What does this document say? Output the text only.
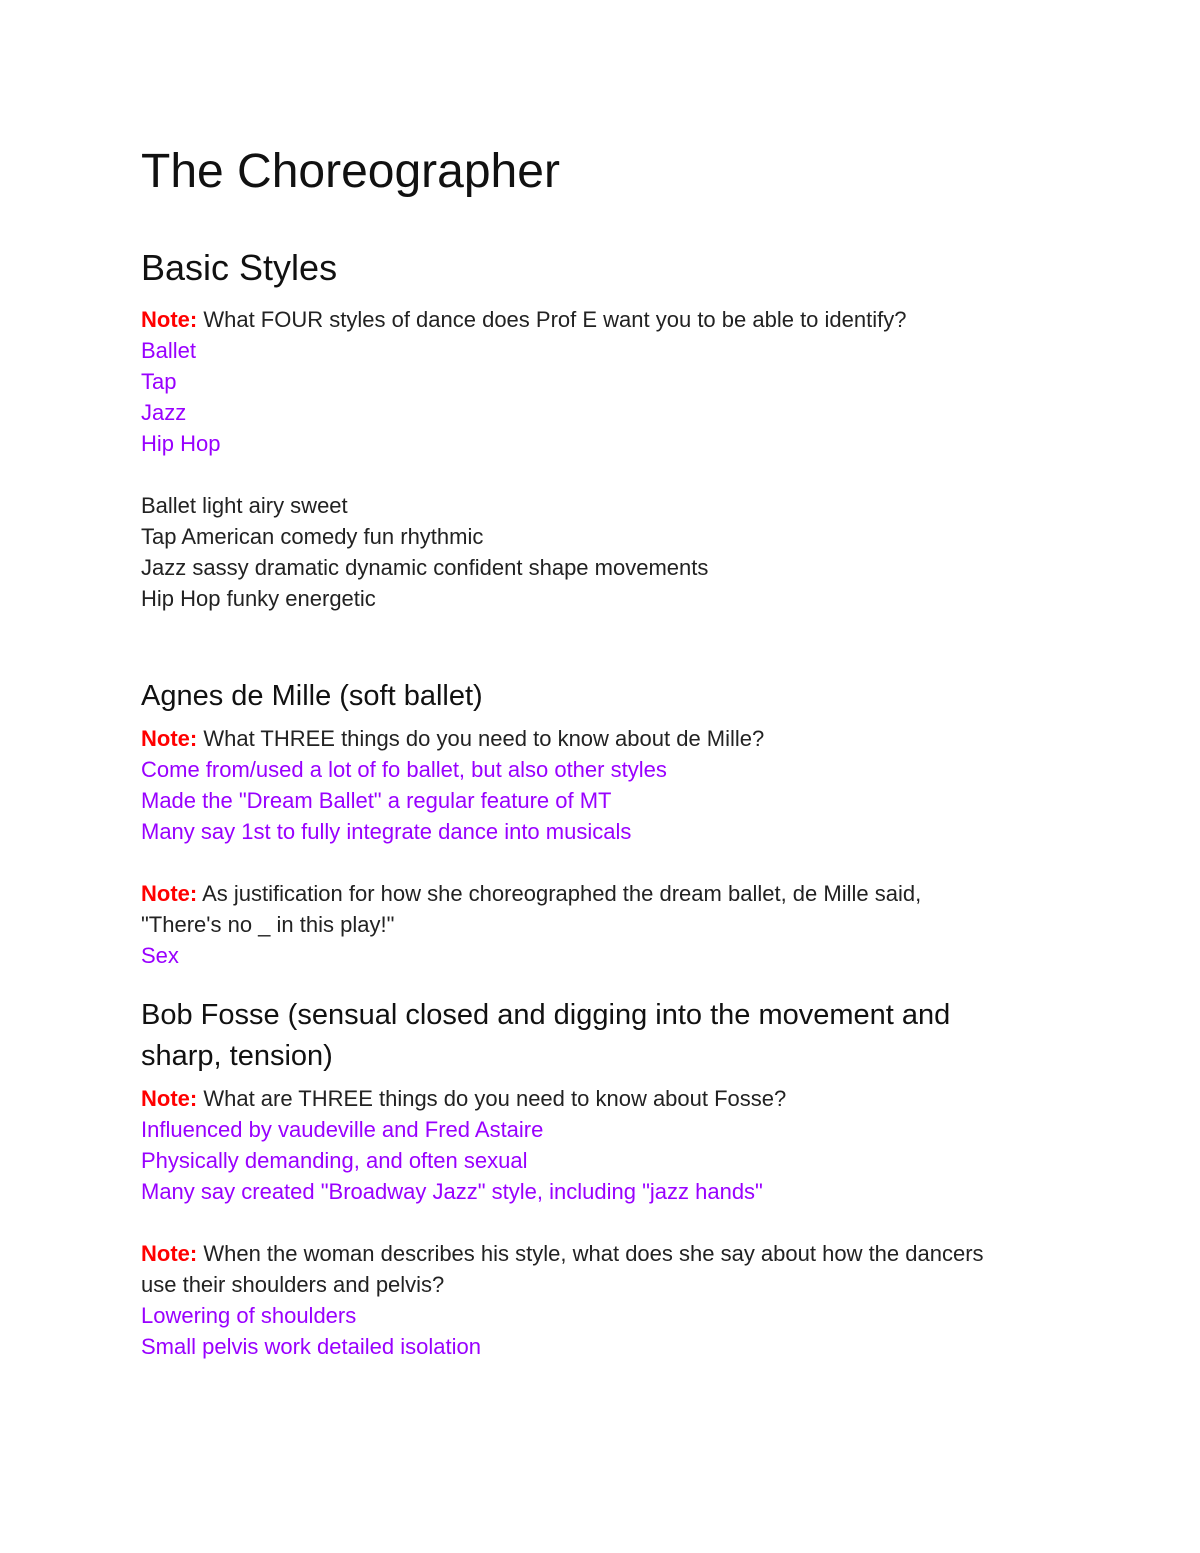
The Choreographer
Basic Styles

Note: What FOUR styles of dance does Prof E want you to be able to identify?

Ballet

Tap

Jazz

Hip Hop

Ballet light airy sweet

Tap American comedy fun rhythmic

Jazz sassy dramatic dynamic confident shape movements

Hip Hop funky energetic

Agnes de Mille (soft ballet)

Note: What THREE things do you need to know about de Mille?

Come from/used a lot of fo ballet, but also other styles

Made the "Dream Ballet" a regular feature of MT

Many say 1st to fully integrate dance into musicals

Note: As justification for how she choreographed the dream ballet, de Mille said,

"There's no _ in this play!"

Sex

Bob Fosse (sensual closed and digging into the movement and
sharp, tension)

Note: What are THREE things do you need to know about Fosse?

Influenced by vaudeville and Fred Astaire

Physically demanding, and often sexual

Many say created "Broadway Jazz" style, including "jazz hands"

Note: When the woman describes his style, what does she say about how the dancers

use their shoulders and pelvis?

Lowering of shoulders

Small pelvis work detailed isolation
